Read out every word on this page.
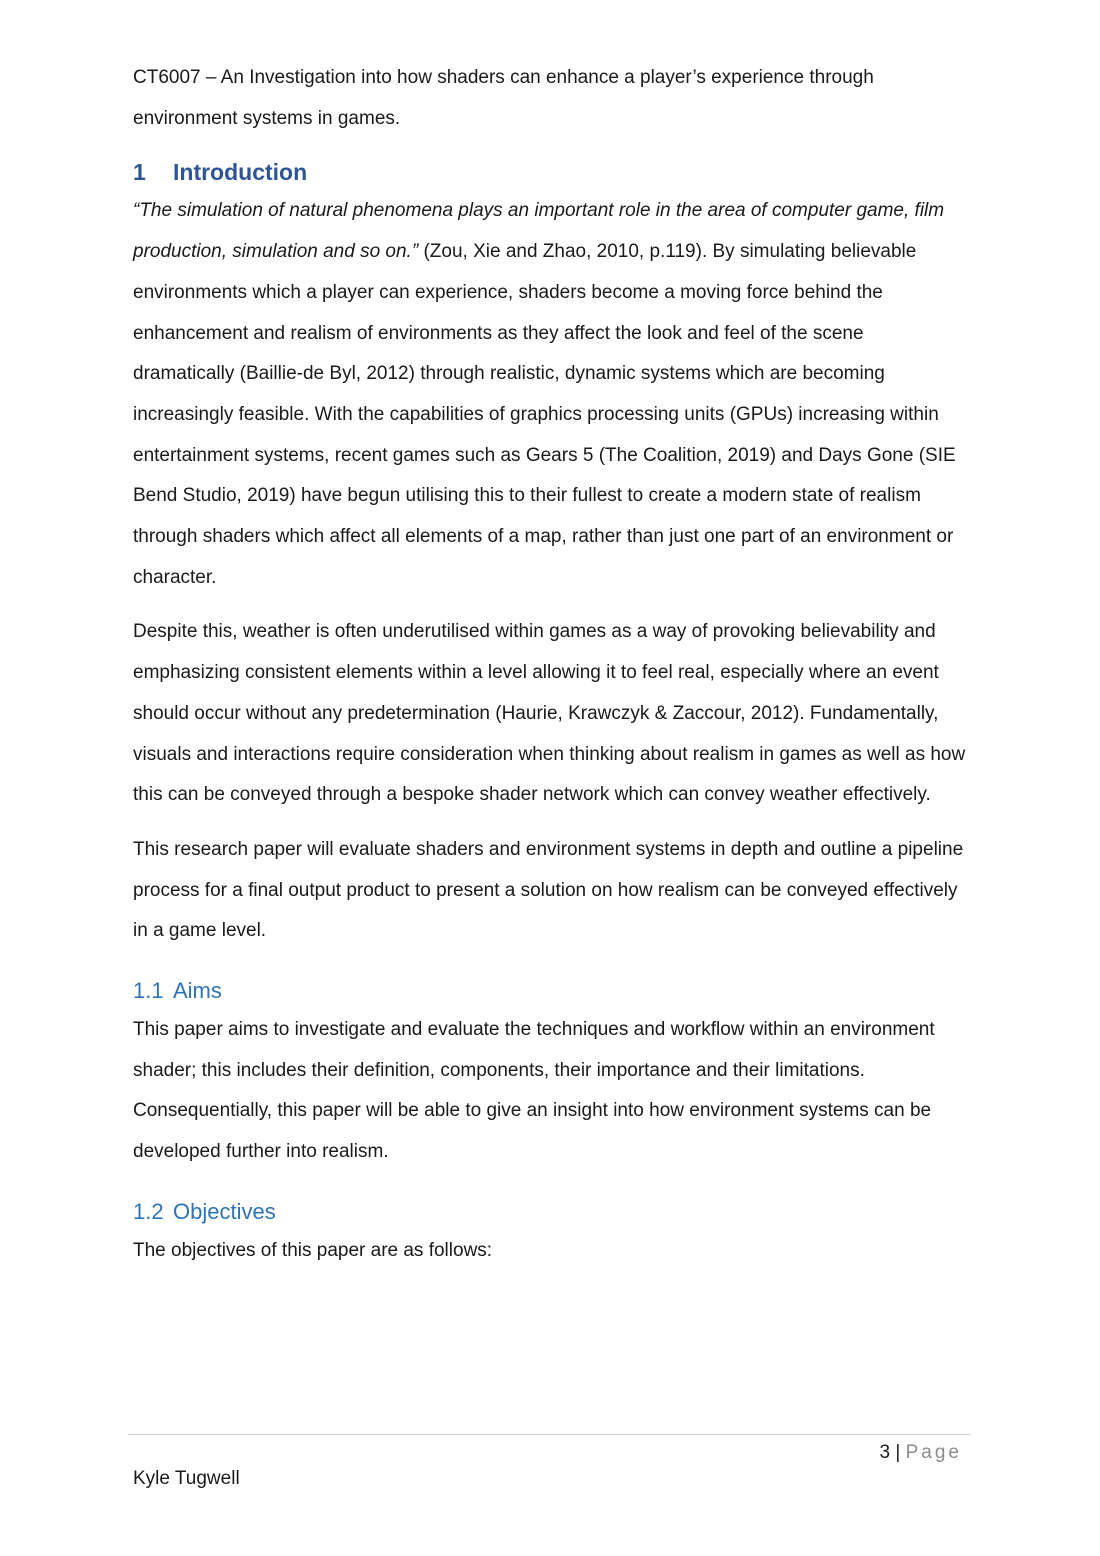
CT6007 – An Investigation into how shaders can enhance a player’s experience through environment systems in games.

1 Introduction

“The simulation of natural phenomena plays an important role in the area of computer game, film production, simulation and so on.” (Zou, Xie and Zhao, 2010, p.119). By simulating believable environments which a player can experience, shaders become a moving force behind the enhancement and realism of environments as they affect the look and feel of the scene dramatically (Baillie-de Byl, 2012) through realistic, dynamic systems which are becoming increasingly feasible. With the capabilities of graphics processing units (GPUs) increasing within entertainment systems, recent games such as Gears 5 (The Coalition, 2019) and Days Gone (SIE Bend Studio, 2019) have begun utilising this to their fullest to create a modern state of realism through shaders which affect all elements of a map, rather than just one part of an environment or character.

Despite this, weather is often underutilised within games as a way of provoking believability and emphasizing consistent elements within a level allowing it to feel real, especially where an event should occur without any predetermination (Haurie, Krawczyk & Zaccour, 2012). Fundamentally, visuals and interactions require consideration when thinking about realism in games as well as how this can be conveyed through a bespoke shader network which can convey weather effectively.

This research paper will evaluate shaders and environment systems in depth and outline a pipeline process for a final output product to present a solution on how realism can be conveyed effectively in a game level.

1.1 Aims

This paper aims to investigate and evaluate the techniques and workflow within an environment shader; this includes their definition, components, their importance and their limitations. Consequentially, this paper will be able to give an insight into how environment systems can be developed further into realism.

1.2 Objectives

The objectives of this paper are as follows:

3 | Page
Kyle Tugwell
